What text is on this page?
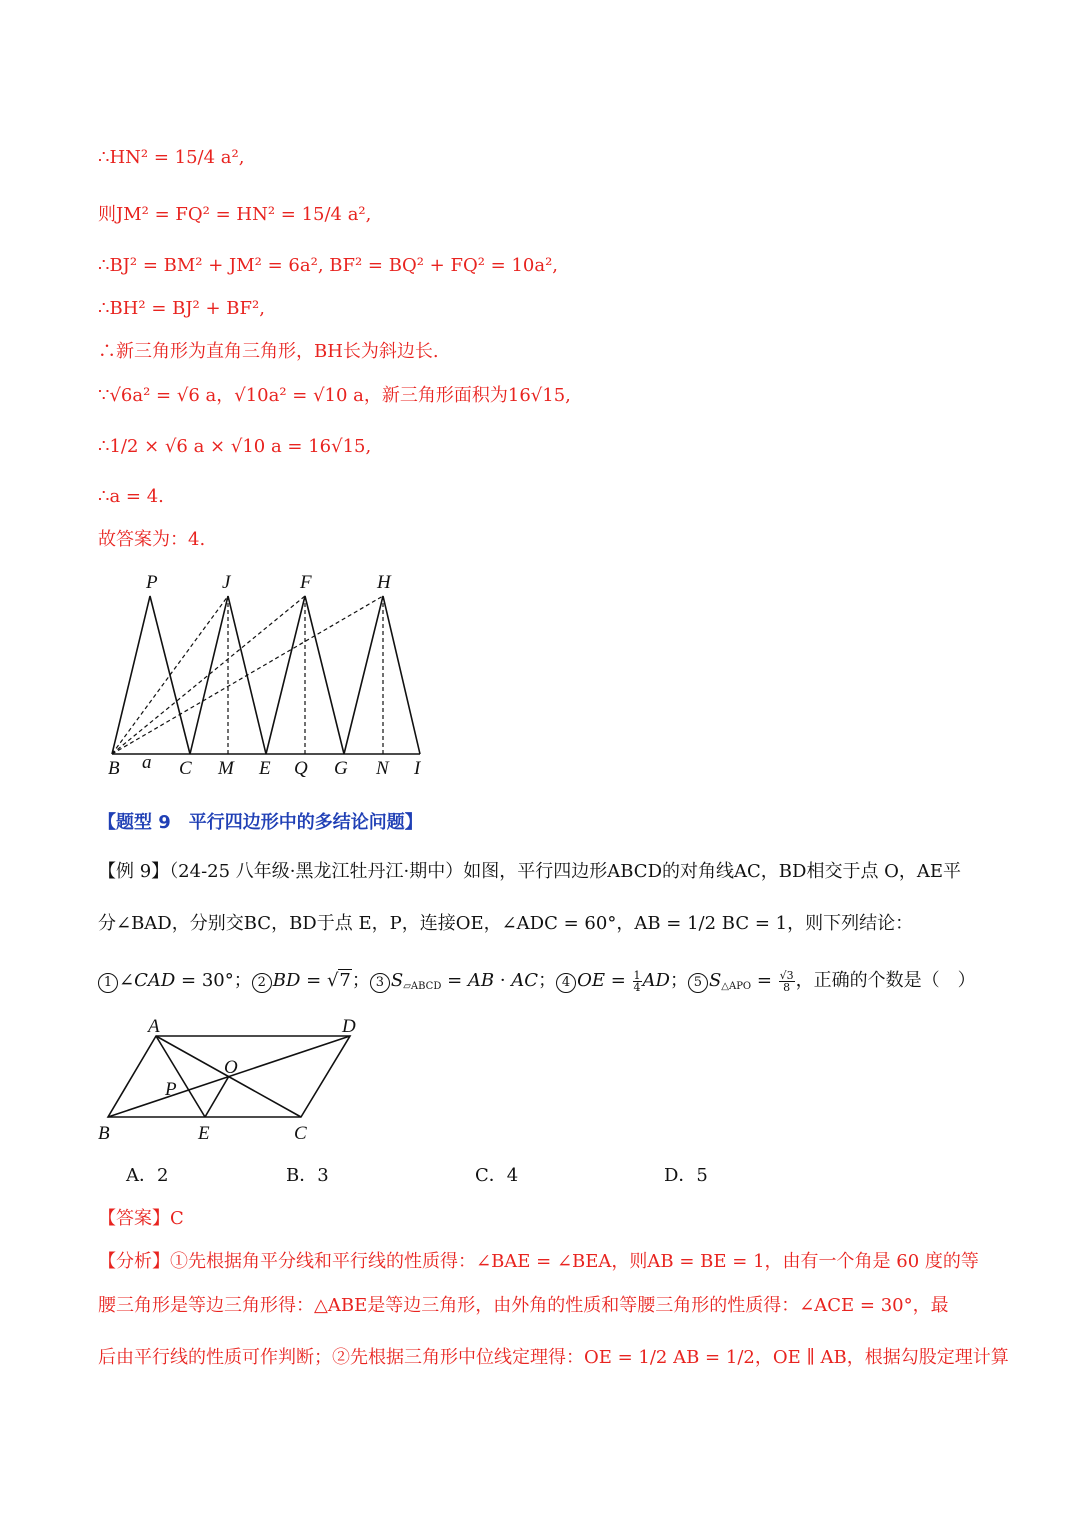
∴HN² = 15/4 a²,
则JM² = FQ² = HN² = 15/4 a²,
∴BJ² = BM² + JM² = 6a², BF² = BQ² + FQ² = 10a²,
∴BH² = BJ² + BF²,
∴新三角形为直角三角形，BH长为斜边长.
∵√6a² = √6 a，√10a² = √10 a，新三角形面积为16√15,
∴1/2 × √6 a × √10 a = 16√15,
∴a = 4.
故答案为：4.
P	J	F	H
B a C M E Q G N I
【题型 9　平行四边形中的多结论问题】
【例 9】（24-25 八年级·黑龙江牡丹江·期中）如图，平行四边形ABCD的对角线AC，BD相交于点 O，AE平
分∠BAD，分别交BC，BD于点 E，P，连接OE，∠ADC = 60°，AB = 1/2 BC = 1，则下列结论：
1 ∠CAD = 30°； 2 BD = √7； 3 $S_{▱ABCD}$ = AB · AC； 4 OE = $\frac{1}{4}$ AD； 5 $S_{\triangle APO} = \frac{√3}{8}$ ，正确的个数是（　）
A	D
O
P
B	E	C
A．2	B．3	C．4	D．5
【答案】C
【分析】①先根据角平分线和平行线的性质得：∠BAE = ∠BEA，则AB = BE = 1，由有一个角是 60 度的等
腰三角形是等边三角形得：△ABE是等边三角形，由外角的性质和等腰三角形的性质得：∠ACE = 30°，最
后由平行线的性质可作判断；②先根据三角形中位线定理得：OE = 1/2 AB = 1/2，OE ∥ AB，根据勾股定理计算
